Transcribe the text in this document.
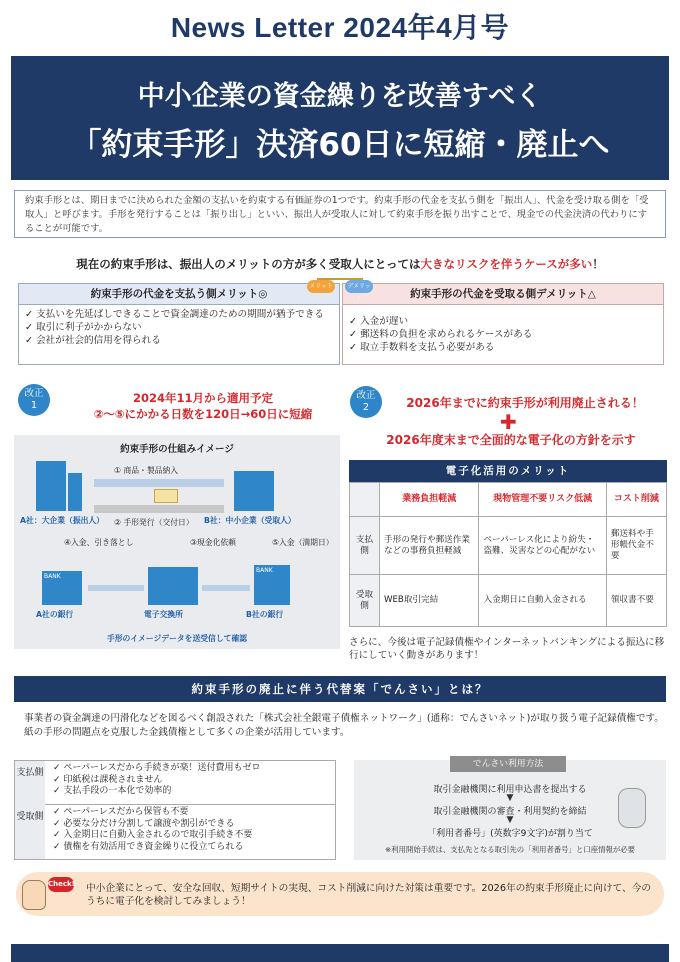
News Letter 2024年4月号
中小企業の資金繰りを改善すべく
「約束手形」決済60日に短縮・廃止へ
約束手形とは、期日までに決められた金額の支払いを約束する有価証券の1つです。約束手形の代金を支払う側を「振出人」、代金を受け取る側を「受取人」と呼びます。手形を発行することは「振り出し」といい、振出人が受取人に対して約束手形を振り出すことで、現金での代金決済の代わりにすることが可能です。
現在の約束手形は、振出人のメリットの方が多く受取人にとっては大きなリスクを伴うケースが多い！
約束手形の代金を支払う側メリット◎	約束手形の代金を受取る側デメリット△
✓ 支払いを先延ばしできることで資金調達のための期間が猶予できる
✓ 取引に利子がかからない
✓ 会社が社会的信用を得られる
✓ 入金が遅い
✓ 郵送料の負担を求められるケースがある
✓ 取立手数料を支払う必要がある
メリット	デメリット
改正
1
2024年11月から適用予定
②～⑤にかかる日数を120日→60日に短縮
約束手形の仕組みイメージ
A社：大企業（振出人）	B社：中小企業（受取人）
① 商品・製品納入
② 手形発行（交付日）
④入金、引き落とし	③現金化依頼	⑤入金（満期日）
BANK
A社の銀行	電子交換所
BANK
B社の銀行
手形のイメージデータを送受信して確認
改正
2	2026年までに約束手形が利用廃止される！
✚
2026年度末まで全面的な電子化の方針を示す
電子化活用のメリット
	業務負担軽減	現物管理不要リスク低減	コスト削減
支払側	手形の発行や郵送作業などの事務負担軽減	ペーパーレス化により紛失・盗難、災害などの心配がない	郵送料や手形帳代金不要
受取側	WEB取引完結	入金期日に自動入金される	領収書不要
さらに、今後は電子記録債権やインターネットバンキングによる振込に移行にしていく動きがあります！
約束手形の廃止に伴う代替案「でんさい」とは？
事業者の資金調達の円滑化などを図るべく創設された「株式会社全銀電子債権ネットワーク」(通称：でんさいネット)が取り扱う電子記録債権です。紙の手形の問題点を克服した金銭債権として多くの企業が活用しています。
支払側 ✓ ペーパーレスだから手続きが楽！送付費用もゼロ
✓ 印紙税は課税されません
✓ 支払手段の一本化で効率的
受取側 ✓ ペーパーレスだから保管も不要
✓ 必要な分だけ分割して譲渡や割引ができる
✓ 入金期日に自動入金されるので取引手続き不要
✓ 債権を有効活用でき資金繰りに役立てられる
取引金融機関に利用申込書を提出する
▼
取引金融機関の審査・利用契約を締結
▼
「利用者番号」(英数字9文字)が割り当て
※利用開始手続は、支払先となる取引先の「利用者番号」と口座情報が必要
でんさい利用方法
Check! 中小企業にとって、安全な回収、短期サイトの実現、コスト削減に向けた対策は重要です。2026年の約束手形廃止に向けて、今のうちに電子化を検討してみましょう！
